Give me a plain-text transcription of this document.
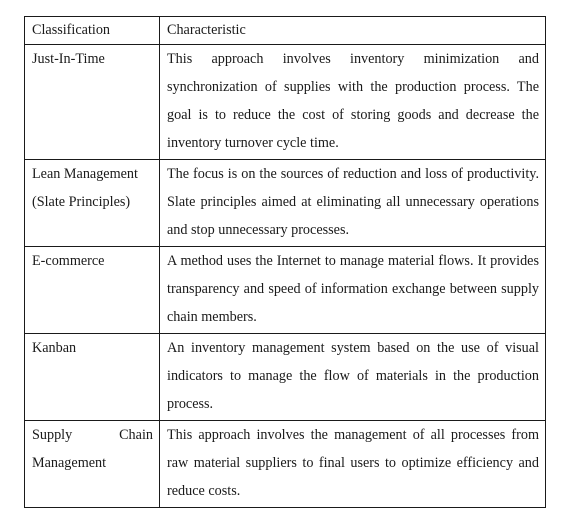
Classification	Characteristic
Just-In-Time	This approach involves inventory minimization and synchronization of supplies with the production process. The goal is to reduce the cost of storing goods and decrease the inventory turnover cycle time.
Lean Management (Slate Principles)	The focus is on the sources of reduction and loss of productivity. Slate principles aimed at eliminating all unnecessary operations and stop unnecessary processes.
E-commerce	A method uses the Internet to manage material flows. It provides transparency and speed of information exchange between supply chain members.
Kanban	An inventory management system based on the use of visual indicators to manage the flow of materials in the production process.
Supply Chain Management	This approach involves the management of all processes from raw material suppliers to final users to optimize efficiency and reduce costs.
